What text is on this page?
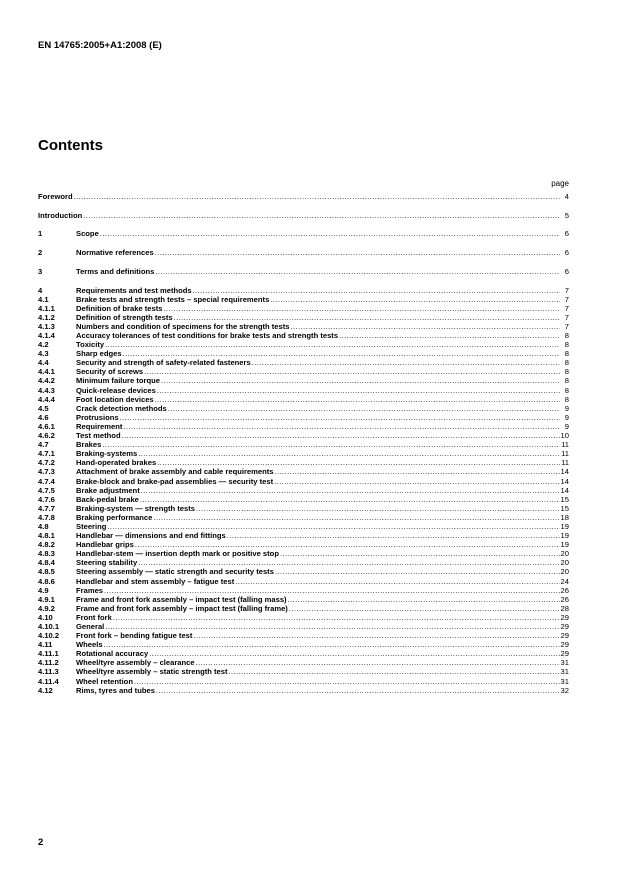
EN 14765:2005+A1:2008 (E)
Contents
page
Foreword .....	4
Introduction .....	5
1	Scope .....	6
2	Normative references .....	6
3	Terms and definitions .....	6
4	Requirements and test methods .....	7
4.1	Brake tests and strength tests – special requirements .....	7
4.1.1	Definition of brake tests .....	7
4.1.2	Definition of strength tests .....	7
4.1.3	Numbers and condition of specimens for the strength tests .....	7
4.1.4	Accuracy tolerances of test conditions for brake tests and strength tests .....	8
4.2	Toxicity .....	8
4.3	Sharp edges .....	8
4.4	Security and strength of safety-related fasteners .....	8
4.4.1	Security of screws .....	8
4.4.2	Minimum failure torque .....	8
4.4.3	Quick-release devices .....	8
4.4.4	Foot location devices .....	8
4.5	Crack detection methods .....	9
4.6	Protrusions .....	9
4.6.1	Requirement .....	9
4.6.2	Test method .....	10
4.7	Brakes .....	11
4.7.1	Braking-systems .....	11
4.7.2	Hand-operated brakes .....	11
4.7.3	Attachment of brake assembly and cable requirements .....	14
4.7.4	Brake-block and brake-pad assemblies — security test .....	14
4.7.5	Brake adjustment .....	14
4.7.6	Back-pedal brake .....	15
4.7.7	Braking-system — strength tests .....	15
4.7.8	Braking performance .....	18
4.8	Steering .....	19
4.8.1	Handlebar — dimensions and end fittings .....	19
4.8.2	Handlebar grips .....	19
4.8.3	Handlebar-stem — insertion depth mark or positive stop .....	20
4.8.4	Steering stability .....	20
4.8.5	Steering assembly — static strength and security tests .....	20
4.8.6	Handlebar and stem assembly – fatigue test .....	24
4.9	Frames .....	26
4.9.1	Frame and front fork assembly – impact test (falling mass) .....	26
4.9.2	Frame and front fork assembly – impact test (falling frame) .....	28
4.10	Front fork .....	29
4.10.1	General .....	29
4.10.2	Front fork – bending fatigue test .....	29
4.11	Wheels .....	29
4.11.1	Rotational accuracy .....	29
4.11.2	Wheel/tyre assembly – clearance .....	31
4.11.3	Wheel/tyre assembly – static strength test .....	31
4.11.4	Wheel retention .....	31
4.12	Rims, tyres and tubes .....	32
2
